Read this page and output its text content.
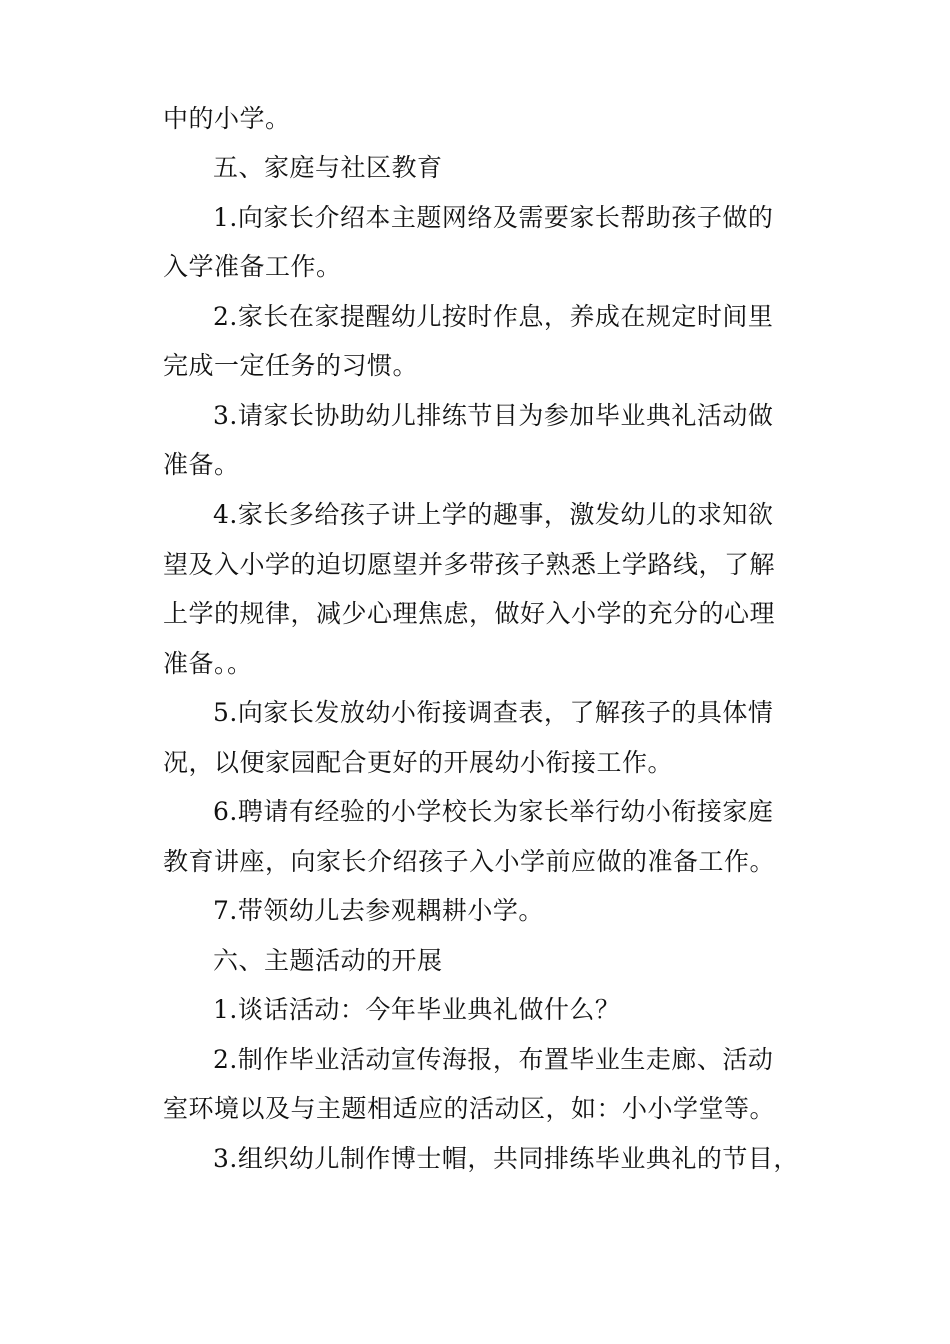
中的小学。
五、家庭与社区教育
1.向家长介绍本主题网络及需要家长帮助孩子做的
入学准备工作。
2.家长在家提醒幼儿按时作息，养成在规定时间里
完成一定任务的习惯。
3.请家长协助幼儿排练节目为参加毕业典礼活动做
准备。
4.家长多给孩子讲上学的趣事，激发幼儿的求知欲
望及入小学的迫切愿望并多带孩子熟悉上学路线，了解
上学的规律，减少心理焦虑，做好入小学的充分的心理
准备。。
5.向家长发放幼小衔接调查表，了解孩子的具体情
况，以便家园配合更好的开展幼小衔接工作。
6.聘请有经验的小学校长为家长举行幼小衔接家庭
教育讲座，向家长介绍孩子入小学前应做的准备工作。
7.带领幼儿去参观耦耕小学。
六、主题活动的开展
1.谈话活动：今年毕业典礼做什么？
2.制作毕业活动宣传海报，布置毕业生走廊、活动
室环境以及与主题相适应的活动区，如：小小学堂等。
3.组织幼儿制作博士帽，共同排练毕业典礼的节目，
